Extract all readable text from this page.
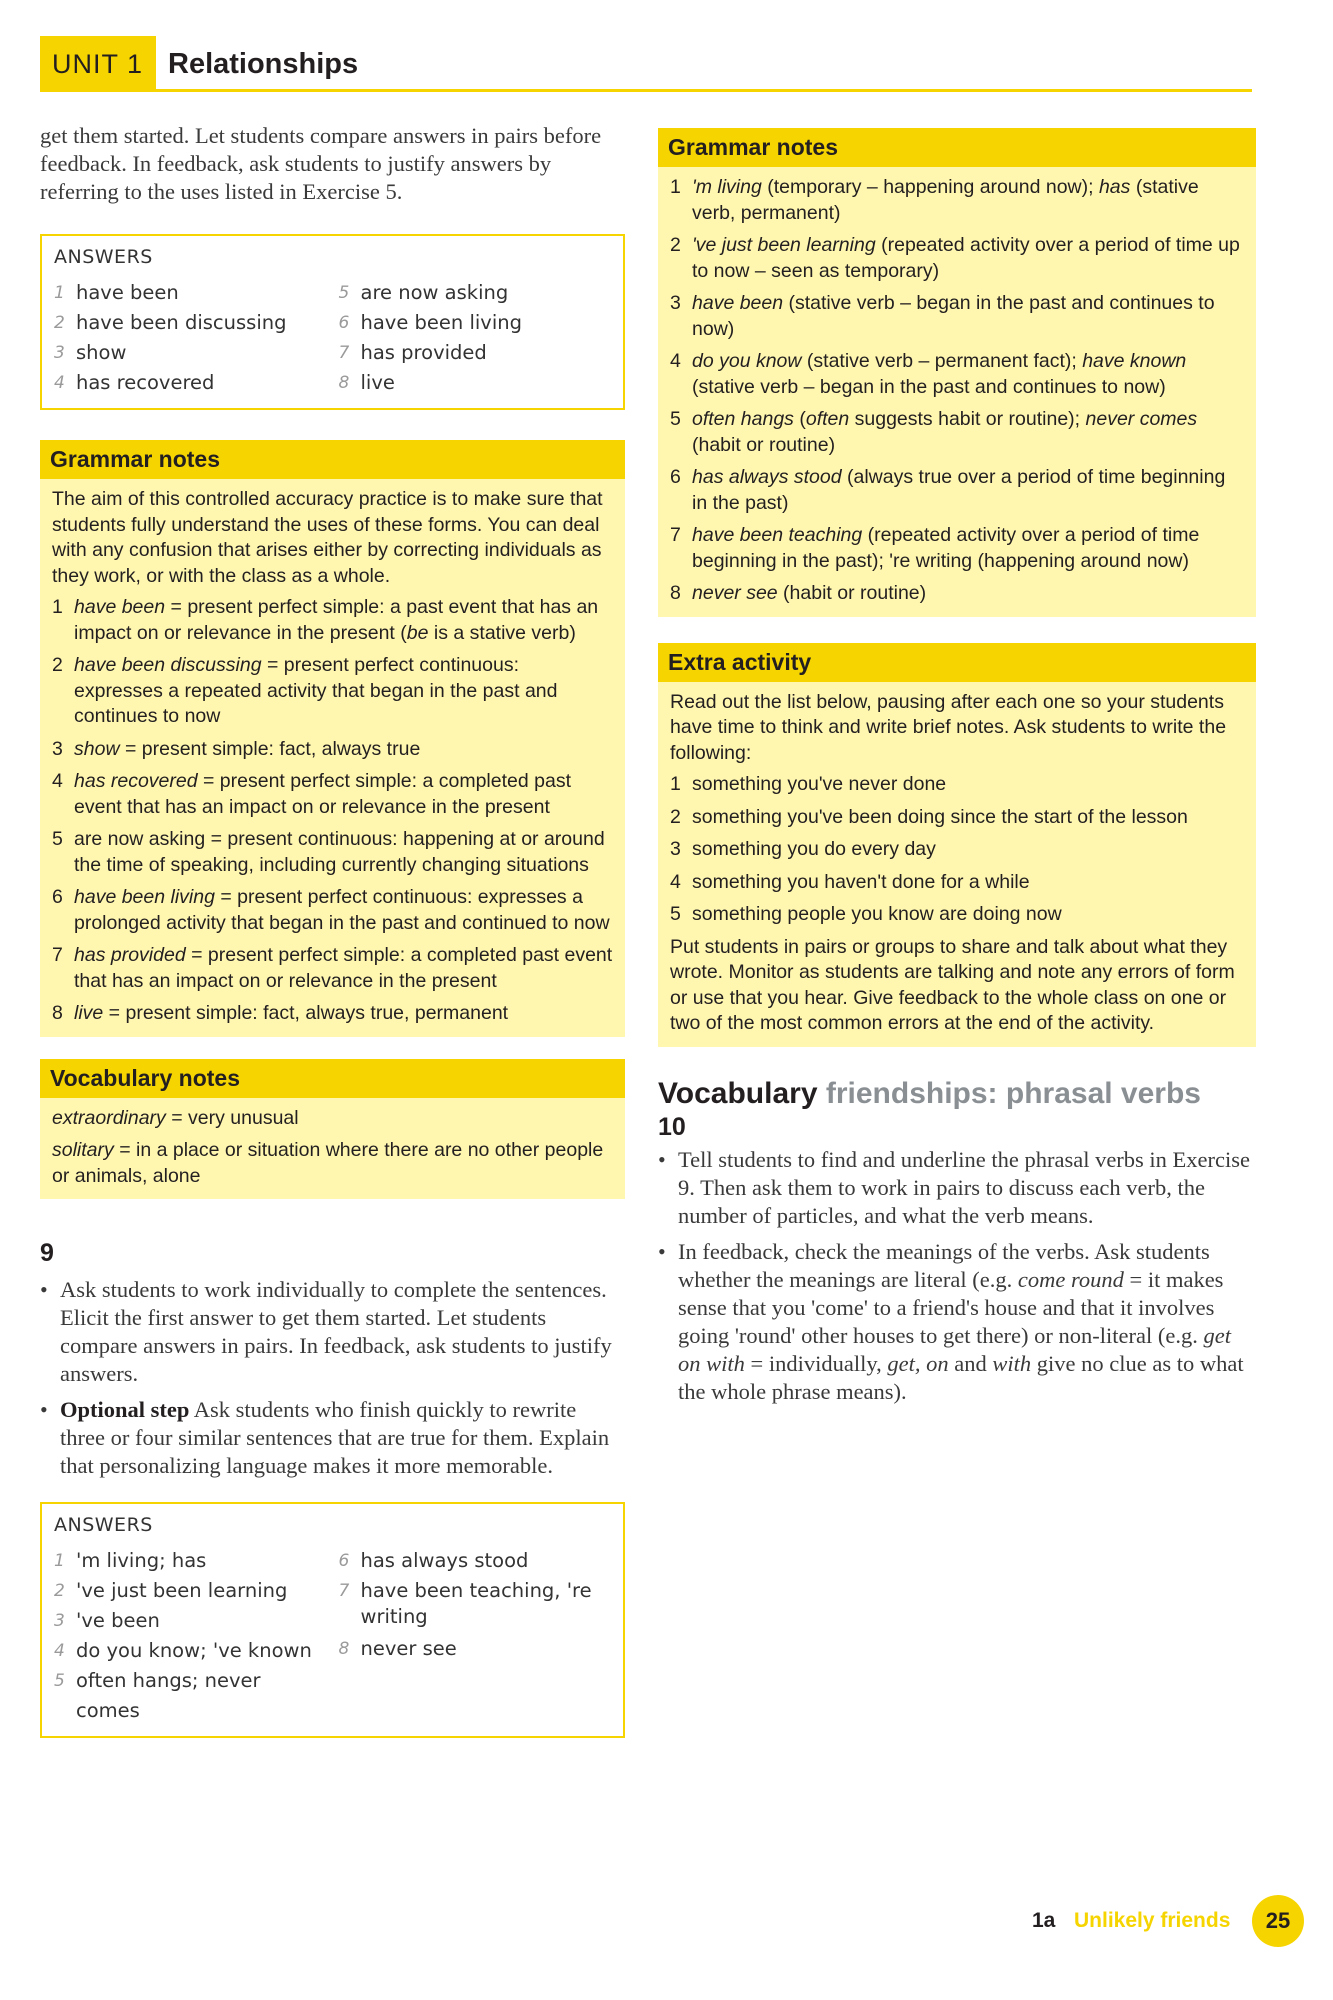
UNIT 1 Relationships

get them started. Let students compare answers in pairs before feedback. In feedback, ask students to justify answers by referring to the uses listed in Exercise 5.

ANSWERS
1 have been
2 have been discussing
3 show
4 has recovered
5 are now asking
6 have been living
7 has provided
8 live
Grammar notes

The aim of this controlled accuracy practice is to make sure that students fully understand the uses of these forms. You can deal with any confusion that arises either by correcting individuals as they work, or with the class as a whole.

1 have been = present perfect simple: a past event that has an impact on or relevance in the present (be is a stative verb)
2 have been discussing = present perfect continuous: expresses a repeated activity that began in the past and continues to now
3 show = present simple: fact, always true
4 has recovered = present perfect simple: a completed past event that has an impact on or relevance in the present
5 are now asking = present continuous: happening at or around the time of speaking, including currently changing situations
6 have been living = present perfect continuous: expresses a prolonged activity that began in the past and continued to now
7 has provided = present perfect simple: a completed past event that has an impact on or relevance in the present
8 live = present simple: fact, always true, permanent
Vocabulary notes
extraordinary = very unusual
solitary = in a place or situation where there are no other people or animals, alone
9
• Ask students to work individually to complete the sentences. Elicit the first answer to get them started. Let students compare answers in pairs. In feedback, ask students to justify answers.
• Optional step Ask students who finish quickly to rewrite three or four similar sentences that are true for them. Explain that personalizing language makes it more memorable.
ANSWERS
1 'm living; has
2 've just been learning
3 've been
4 do you know; 've known
5 often hangs; never comes
6 has always stood
7 have been teaching, 're writing
8 never see
Grammar notes
1 'm living (temporary – happening around now); has (stative verb, permanent)
2 've just been learning (repeated activity over a period of time up to now – seen as temporary)
3 have been (stative verb – began in the past and continues to now)
4 do you know (stative verb – permanent fact); have known (stative verb – began in the past and continues to now)
5 often hangs (often suggests habit or routine); never comes (habit or routine)
6 has always stood (always true over a period of time beginning in the past)
7 have been teaching (repeated activity over a period of time beginning in the past); 're writing (happening around now)
8 never see (habit or routine)
Extra activity

Read out the list below, pausing after each one so your students have time to think and write brief notes. Ask students to write the following:

1 something you've never done
2 something you've been doing since the start of the lesson
3 something you do every day
4 something you haven't done for a while
5 something people you know are doing now

Put students in pairs or groups to share and talk about what they wrote. Monitor as students are talking and note any errors of form or use that you hear. Give feedback to the whole class on one or two of the most common errors at the end of the activity.

Vocabulary friendships: phrasal verbs
10
• Tell students to find and underline the phrasal verbs in Exercise 9. Then ask them to work in pairs to discuss each verb, the number of particles, and what the verb means.
• In feedback, check the meanings of the verbs. Ask students whether the meanings are literal (e.g. come round = it makes sense that you 'come' to a friend's house and that it involves going 'round' other houses to get there) or non-literal (e.g. get on with = individually, get, on and with give no clue as to what the whole phrase means).
1a Unlikely friends	25
